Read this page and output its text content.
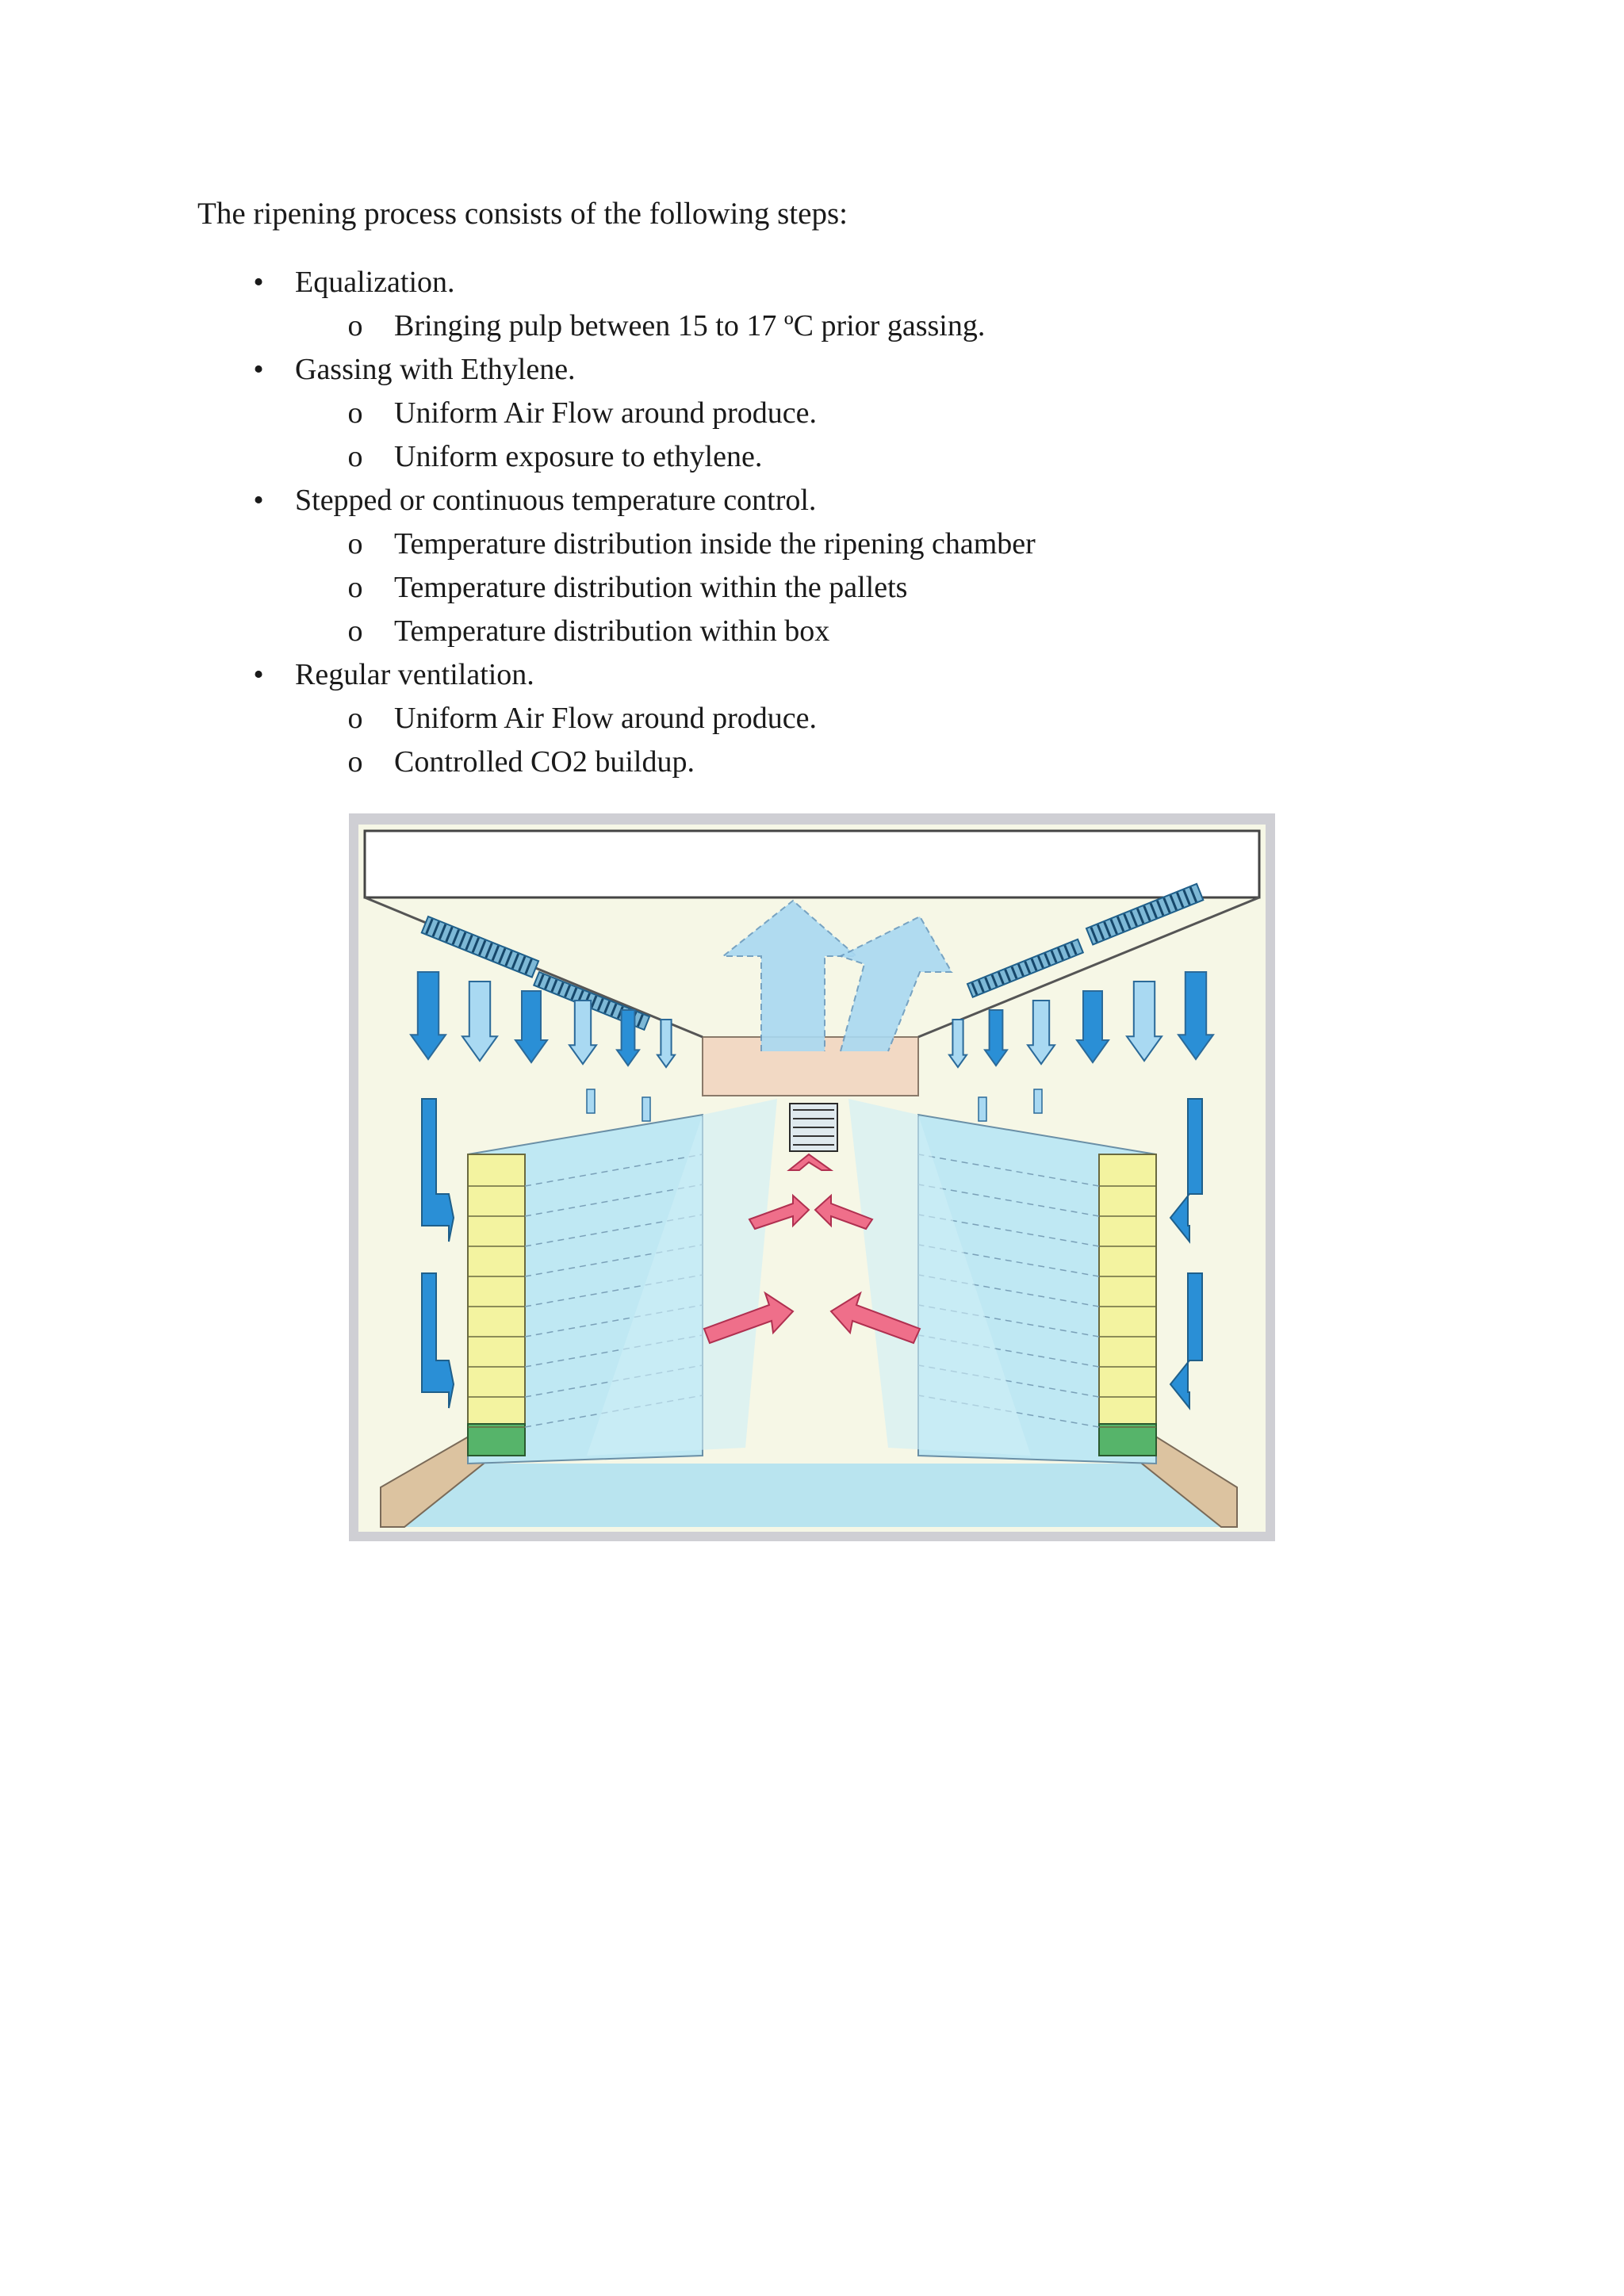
The ripening process consists of the following steps:

•	Equalization.
o Bringing pulp between 15 to 17 ºC prior gassing.
•	Gassing with Ethylene.
o Uniform Air Flow around produce.
o Uniform exposure to ethylene.
•	Stepped or continuous temperature control.
o Temperature distribution inside the ripening chamber
o Temperature distribution within the pallets
o Temperature distribution within box
•	Regular ventilation.
o Uniform Air Flow around produce.
o Controlled CO2 buildup.
